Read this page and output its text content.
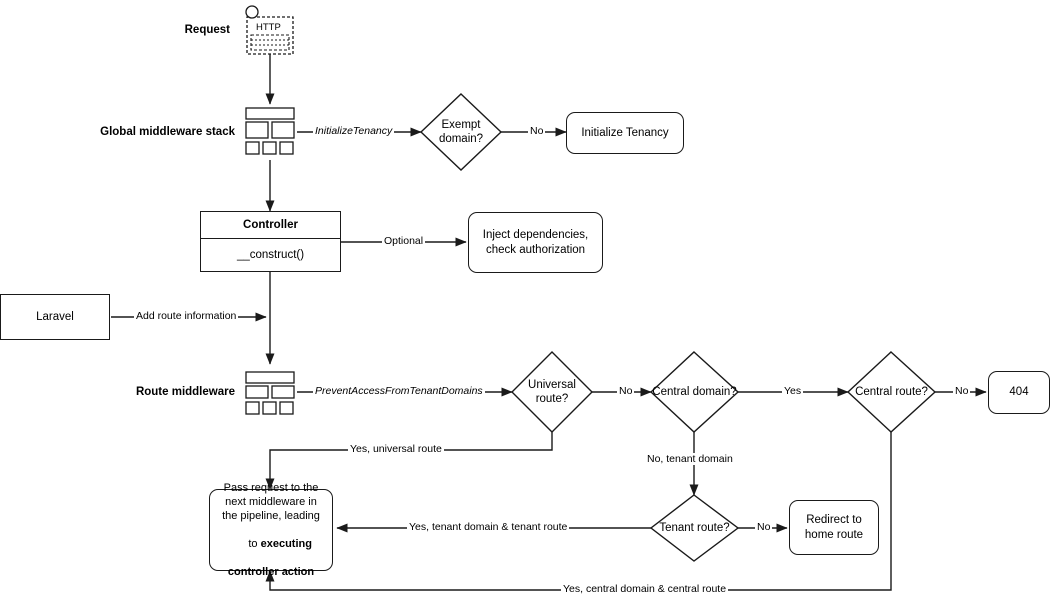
Request
Global middleware stack
Route middleware
HTTP
Exempt domain?
Universal route?
Central domain?	Central route?
Tenant route?
Initialize Tenancy
Controller
__construct()
Inject dependencies,
check authorization
Laravel
404
Redirect to
home route
Pass request to the
next middleware in
the pipeline, leading

to executing

controller action
InitializeTenancy	No
Optional
Add route information
PreventAccessFromTenantDomains	No	Yes	No
Yes, universal route
No, tenant domain
No
Yes, tenant domain & tenant route
Yes, central domain & central route
